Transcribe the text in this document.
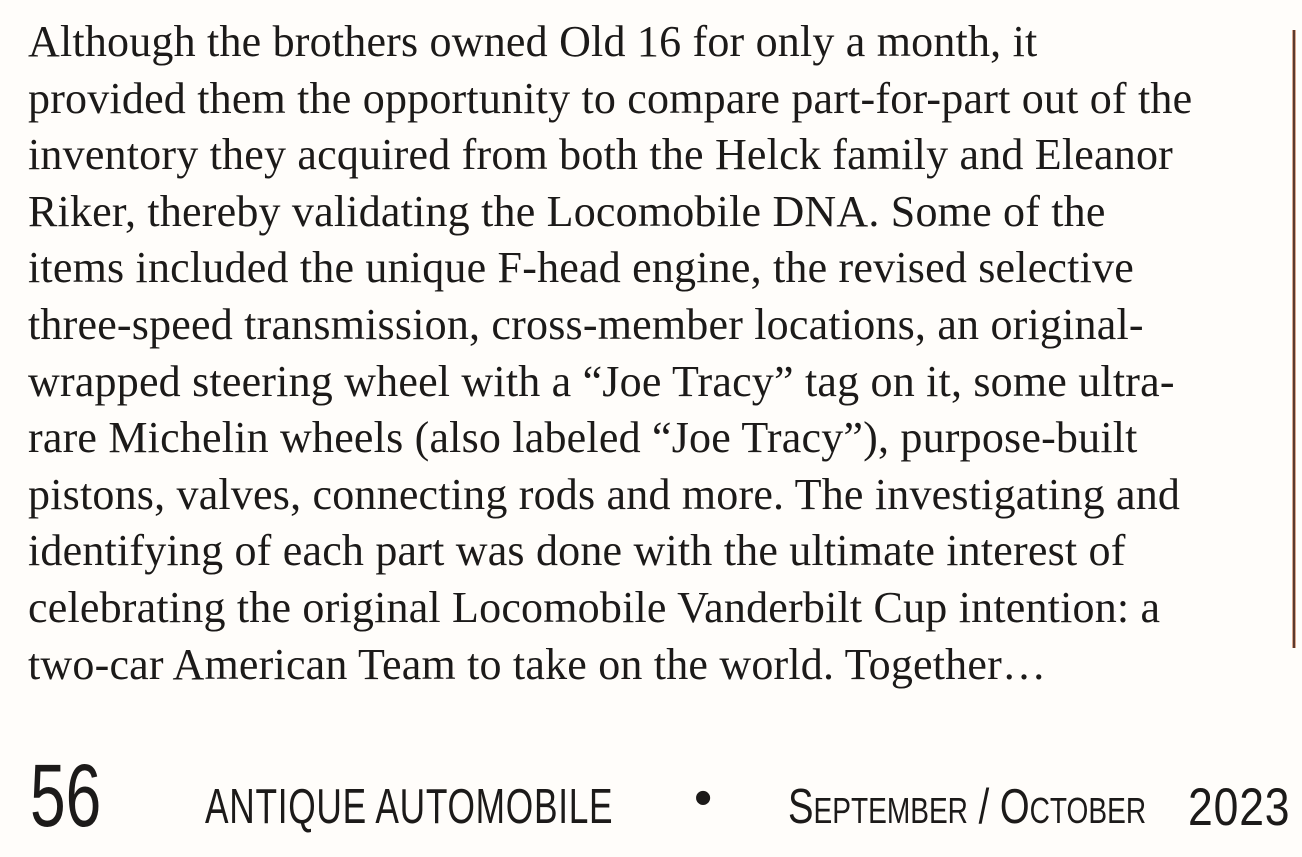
Although the brothers owned Old 16 for only a month, it
provided them the opportunity to compare part-for-part out of the
inventory they acquired from both the Helck family and Eleanor
Riker, thereby validating the Locomobile DNA. Some of the
items included the unique F-head engine, the revised selective
three-speed transmission, cross-member locations, an original-
wrapped steering wheel with a “Joe Tracy” tag on it, some ultra-
rare Michelin wheels (also labeled “Joe Tracy”), purpose-built
pistons, valves, connecting rods and more. The investigating and
identifying of each part was done with the ultimate interest of
celebrating the original Locomobile Vanderbilt Cup intention: a
two-car American Team to take on the world. Together…
56 ANTIQUE AUTOMOBILE • SEPTEMBER / OCTOBER 2023
